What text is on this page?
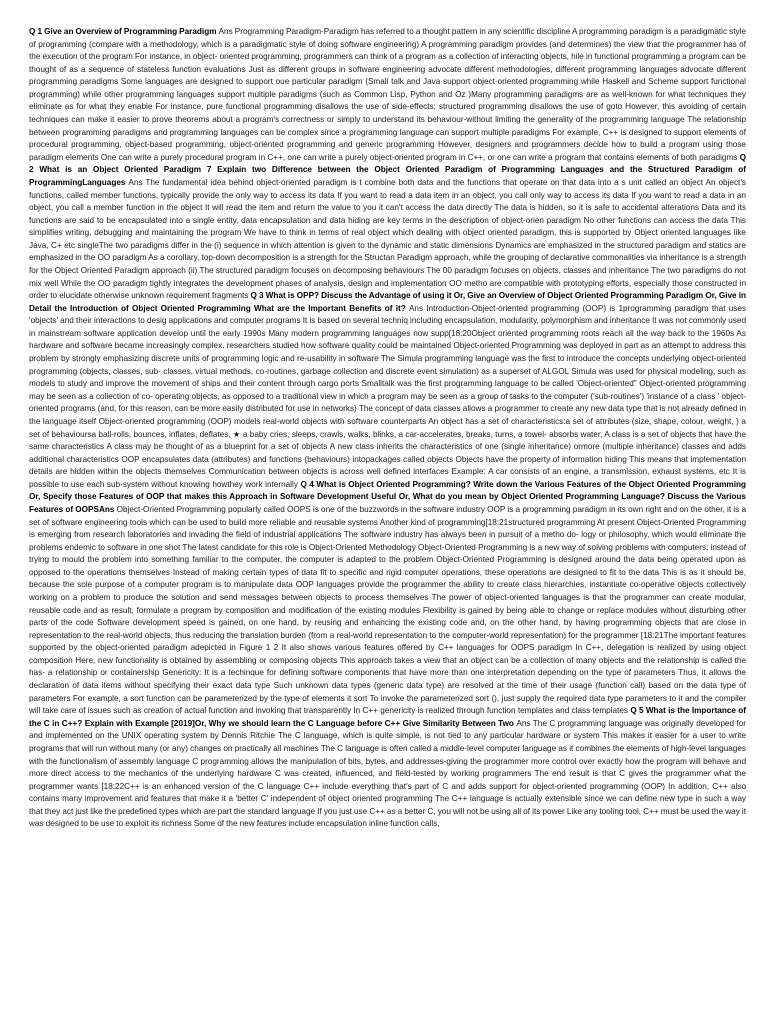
Q 1 Give an Overview of Programming Paradigm Ans Programming Paradigm-Paradigm has referred to a thought pattern in any scientific discipline A programming paradigm is a paradigmatic style of programming (compare with a methodology, which is a paradigmatic style of doing software engineering) A programming paradigm provides (and determines) the view that the programmer has of the execution of the program For instance, in object- oriented programming, programmers can think of a program as a collection of interacting objects, hile in functional programming a program can be thought of as a sequence of stateless function evaluations Just as different groups in software engineering advocate different methodologies, different programming languages advocate different programming paradigms Some languages are designed to support oue particular paradigm (Small talk and Java support object-oriented programming while Haskell and Scheme support functional programming) while other programming languages support multiple paradigms (such as Common Lisp, Python and Oz )Many programming paradigms are as well-known for what techniques they eliminate as for what they enable For instance, pure functional programming disallows the use of side-effects; structured programming disallows the use of goto However, this avoiding of certain techniques can make it easier to prove theorems about a program's correctness or simply to understand its behaviour-without limiting the generality of the programming language The relationship between programming paradigms and programming languages can be complex since a programming language can support multiple paradigms For example, C++ is designed to support elements of procedural programming, object-based programming, object-oriented programming and generic programming However, designers and programmers decide how to build a program using those paradigm elements One can write a purely procedural program in C++, one can write a purely object-oriented program in C++, or one can write a program that contains elements of both paradigms Q 2 What is an Object Oriented Paradigm 7 Explain two Difference between the Object Oriented Paradigm of Programming Languages and the Structured Paradigm of ProgrammingLanguages Ans The fundamental idea behind object-oriented paradigm is t combine both data and the functions that operate on that data into a s unit called an object An object's functions, called member functions, typically provide the only way to access its data If you want to read a data item in an object, you call only way to access its data If you want to read a data in an object, you call a member function in the object It will read the item and return the value to you it can't access the data directly The data is hidden, so it is safe to accidental alterations Data and its functions are said to be encapsulated into a single entity, data encapsulation and data hiding are key terms in the description of object-orien paradigm No other functions can access the data This simplifies writing, debugging and maintaining the program We have to think in terms of real object which dealing with object oriented paradigm, this is supported by Object oriented languages like Java, C+ etc singleThe two paradigms differ in the (i) sequence in which attention is given to the dynamic and static dimensions Dynamics are emphasized in the structured paradigm and statics are emphasized in the OO paradigm As a corollary, top-down decomposition is a strength for the Structan Paradigm approach, while the grouping of declarative commonalities via inheritance is a strength for the Object Oriented Paradigm approach (ii) The structured paradigm focuses on decomposing behaviours The 00 paradigm focuses on objects, classes and inheritance The two paradigms do not mix well While the OO paradigm tightly integrates the development phases of analysis, design and implementation OO metho are compatible with prototyping efforts, especially those constructed in order to elucidate otherwise unknown requirement fragments Q 3 What is OPP? Discuss the Advantage of using it Or, Give an Overview of Object Oriented Programming Paradigm Or, Give in Detail the Introduction of Object Oriented Programming What are the Important Benefits of it? Ans Introduction-Object-oriented programming (OOP) is 1programming paradigm that uses 'objects' and their interactions to desig applications and computer programs It is based on several techniq including encapsulation, modularity, polymorphism and inheritance It was not commonly used in mainstream software application develop until the early 1990s Many modern programming languages now supp[18:20Object oriented programming roots reach all the way back to the 1960s As hardware and software became increasingly complex, researchers studied how software quality could be maintained Object-oriented Programming was deployed in part as an attempt to address this problem by strongly emphasizing discrete units of programming logic and re-usability in software The Simula programming language was the first to introduce the concepts underlying object-oriented programming (objects, classes, sub- classes, virtual methods, co-routines, garbage collection and discrete event simulation) as a superset of ALGOL Simula was used for physical modeling, such as models to study and improve the movement of ships and their content through cargo ports Smalltalk was the first programming language to be called 'Object-oriented" Object-oriented programming may be seen as a collection of co- operating objects, as opposed to a traditional view in which a program may be seen as a group of tasks to the computer ('sub-routines') 'instance of a class ' object-oriented programs (and, for this reason, can be more easily distributed for use in networks) The concept of data classes allows a programmer to create any new data type that is not already defined in the language itself Object-oriented programming (OOP) models real-world objects with software counterparts An object has a set of characteristics:a set of attributes (size, shape, colour, weight, ) a set of behavioursa ball-rolls, bounces, inflates, deflates, ★ a baby cries, sleeps, crawls, walks, blinks, a car-accelerates, breaks, turns, a towel- absorbs water, A class is a set of objects that have the same characteristics A class may be thought of as a blueprint for a set of objects A new class inherits the characteristics of one (single inheritance) ormore (multiple inheritance) classes and adds additional characteristics OOP encapsulates data (attributes) and functions (behaviours) intopackages called objects Objects have the property of information hiding This means that implementation details are hidden within the objects themselves Communication between objects is across well defined interfaces Example: A car consists of an engine, a transmission, exhaust systems, etc It is possible to use each sub-system without knowing howthey work internally Q 4 What is Object Oriented Programming? Write down the Various Features of the Object Oriented Programming Or, Specify those Features of OOP that makes this Approach in Software Development Useful Or, What do you mean by Object Oriented Programming Language? Discuss the Various Features of OOPSAns Object-Oriented Programming popularly called OOPS is one of the buzzwords in the software industry OOP is a programming paradigm in its own right and on the other, it is a set of software engineering tools which can be used to build more reliable and reusable systems Another kind of programming[18:21structured programming At present Object-Oriented Programming is emerging from research laboratories and invading the field of industrial applications The software industry has always been in pursuit of a metho do- logy or philosophy, which would eliminate the problems endemic to software in one shot The latest candidate for this role is Object-Oriented Methodology Object-Oriented Programming is a new way of solving problems with computers; instead of trying to mould the problem into something familiar to the computer, the computer is adapted to the problem Object-Oriented Programming is designed around the data being operated upon as opposed to the operations themselves Instead of making certain types of data fit to specific and rigid computer operations, these operations are designed to fit to the data This is as it should be, because the sole purpose of a computer program is to manipulate data OOP languages provide the programmer the ability to create class hierarchies, instantiate co-operative objects collectively working on a problem to produce the solution and send messages between objects to process themselves The power of object-oriented languages is that the programmer can create modular, reusable code and as result, formulate a program by composition and modification of the existing modules Flexibility is gained by being able to change or replace modules without disturbing other parts of the code Software development speed is gained, on one hand, by reusing and enhancing the existing code and, on the other hand, by having programming objects that are close in representation to the real-world objects, thus reducing the translation burden (from a real-world representation to the computer-world representation) for the programmer [18:21The important features supported by the object-oriented paradigm adepicted in Figure 1 2 It also shows various features offered by C++ languages for OOPS paradigm In C++, delegation is realized by using object composition Here, new functionality is obtained by assembling or composing objects This approach takes a view that an object can be a collection of many objects and the relationship is called the has- a relationship or containership Genericity: It is a techinque for defining software components that have more than one interpretation depending on the type of parameters Thus, it allows the declaration of data items without specifying their exact data type Such unknown data types (generic data type) are resolved at the time of their usage (function call) based on the data type of parameters For example, a sort function can be parameterized by the type of elements it sort To invoke the parameterized sort (), just supply the required data type parameters to it and the compiler will take care of issues such as creation of actual function and invoking that transparently In C++ genericity is realized through function templates and class templates Q 5 What is the Importance of the C in C++? Explain with Example [2019]Or, Why we should learn the C Language before C++ Give Similarity Between Two Ans The C programming language was originally developed for and implemented on the UNIX operating system by Dennis Ritchie The C language, which is quite simple, is not tied to any particular hardware or system This makes it easier for a user to write programs that will run without many (or any) changes on practically all machines The C language is often called a middle-level computer language as it combines the elements of high-level languages with the functionalism of assembly language C programming allows the manipulation of bits, bytes, and addresses-giving the programmer more control over exactly how the program will behave and more direct access to the mechanics of the underlying hardware C was created, influenced, and field-tested by working programmers The end result is that C gives the programmer what the programmer wants [18:22C++ is an enhanced version of the C language C++ include everything that's part of C and adds support for object-oriented programming (OOP) In addition, C++ also contains many improvement and features that make it a 'better C' independent of object oriented programming The C++ language is actually extensible since we can define new type in such a way that they act just like the predefined types which are part the standard language If you just use C++ as a better C, you will not be using all of its power Like any tooling tool, C++ must be used the way it was designed to be use to exploit its richness Some of the new features include encapsulation inline function calls,
